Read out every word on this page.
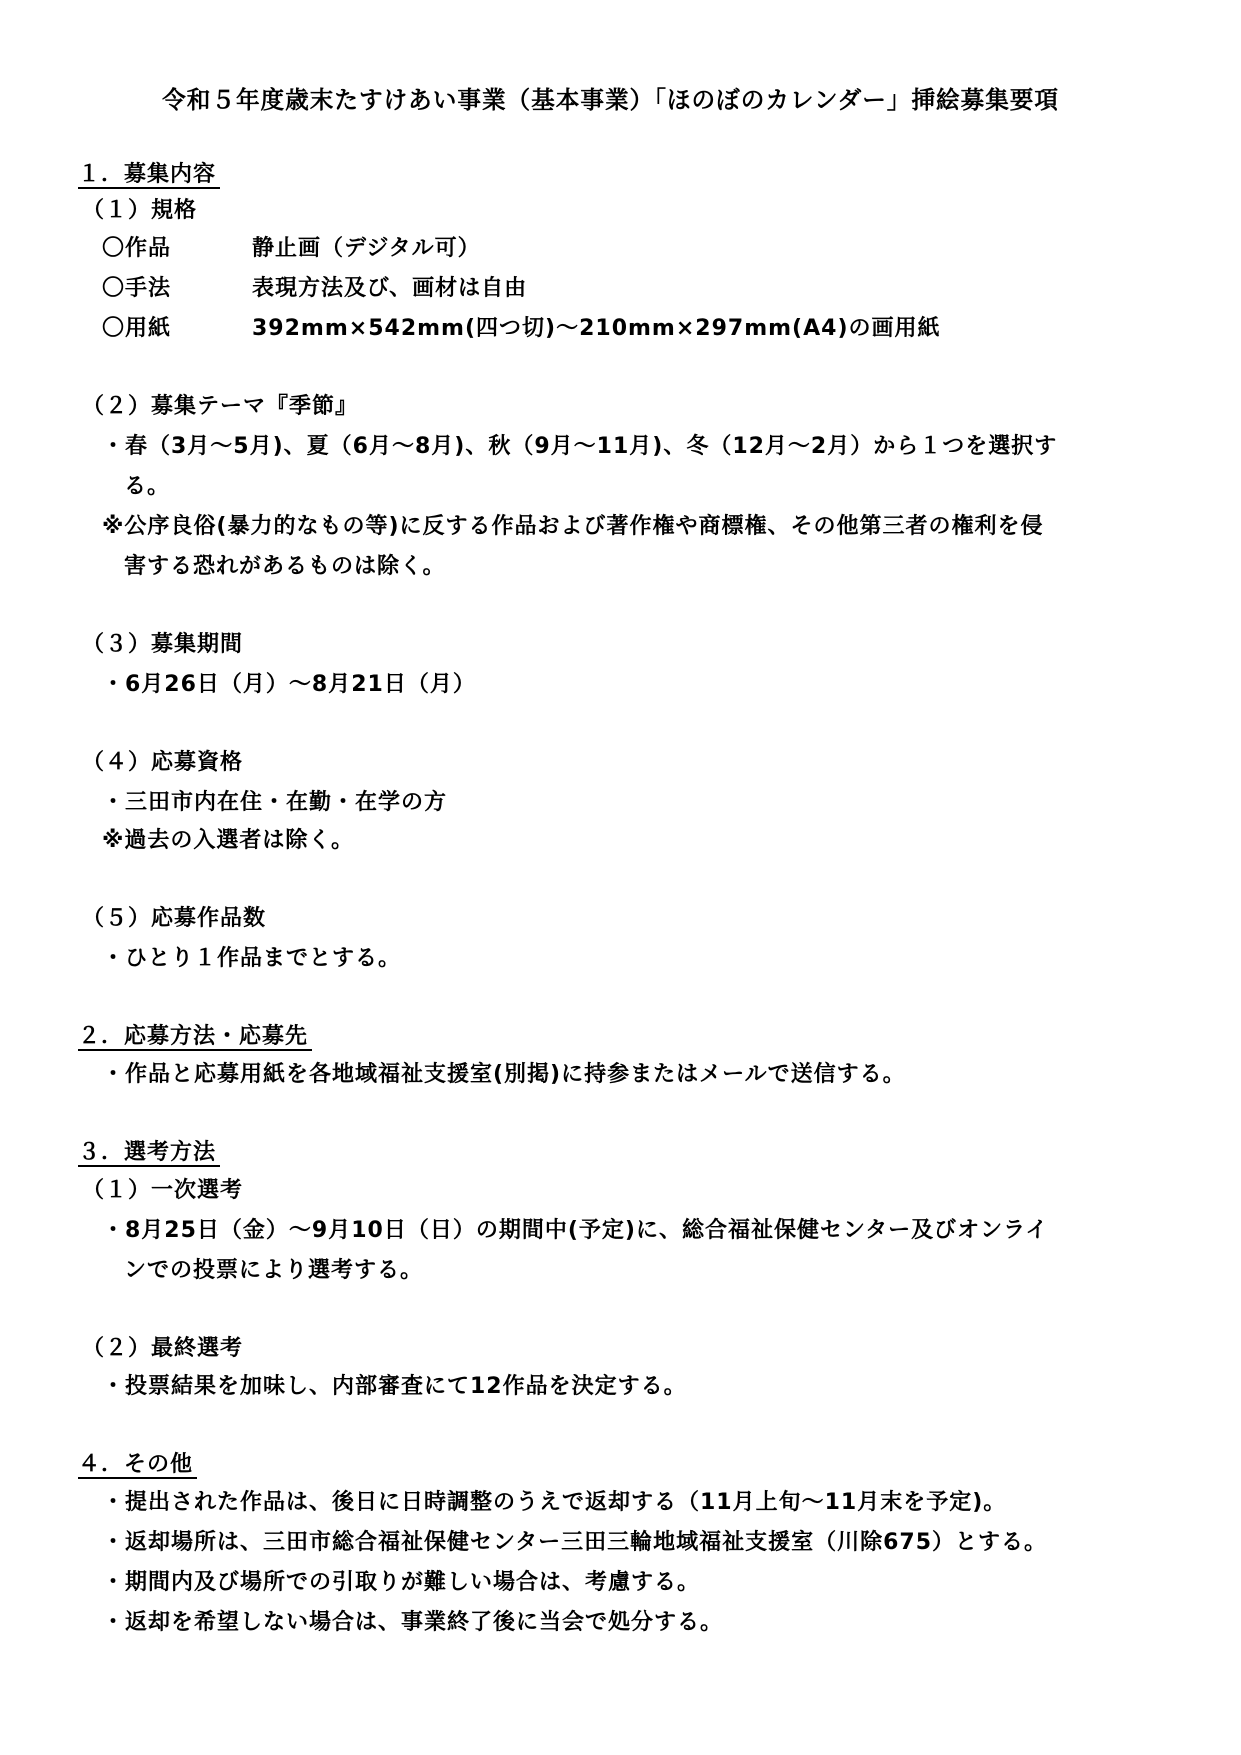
令和５年度歳末たすけあい事業（基本事業）「ほのぼのカレンダー」挿絵募集要項
１．募集内容
（１）規格
〇作品	静止画（デジタル可）
〇手法	表現方法及び、画材は自由
〇用紙	392mm×542mm(四つ切)～210mm×297mm(A4)の画用紙
（２）募集テーマ『季節』
・春（3月～5月)、夏（6月～8月)、秋（9月～11月)、冬（12月～2月）から１つを選択す
る。
※公序良俗(暴力的なもの等)に反する作品および著作権や商標権、その他第三者の権利を侵
害する恐れがあるものは除く。
（３）募集期間
・6月26日（月）～8月21日（月）
（４）応募資格
・三田市内在住・在勤・在学の方
※過去の入選者は除く。
（５）応募作品数
・ひとり１作品までとする。
２．応募方法・応募先
・作品と応募用紙を各地域福祉支援室(別掲)に持参またはメールで送信する。
３．選考方法
（１）一次選考
・8月25日（金）～9月10日（日）の期間中(予定)に、総合福祉保健センター及びオンライ
ンでの投票により選考する。
（２）最終選考
・投票結果を加味し、内部審査にて12作品を決定する。
４．その他
・提出された作品は、後日に日時調整のうえで返却する（11月上旬～11月末を予定)。
・返却場所は、三田市総合福祉保健センター三田三輪地域福祉支援室（川除675）とする。
・期間内及び場所での引取りが難しい場合は、考慮する。
・返却を希望しない場合は、事業終了後に当会で処分する。
